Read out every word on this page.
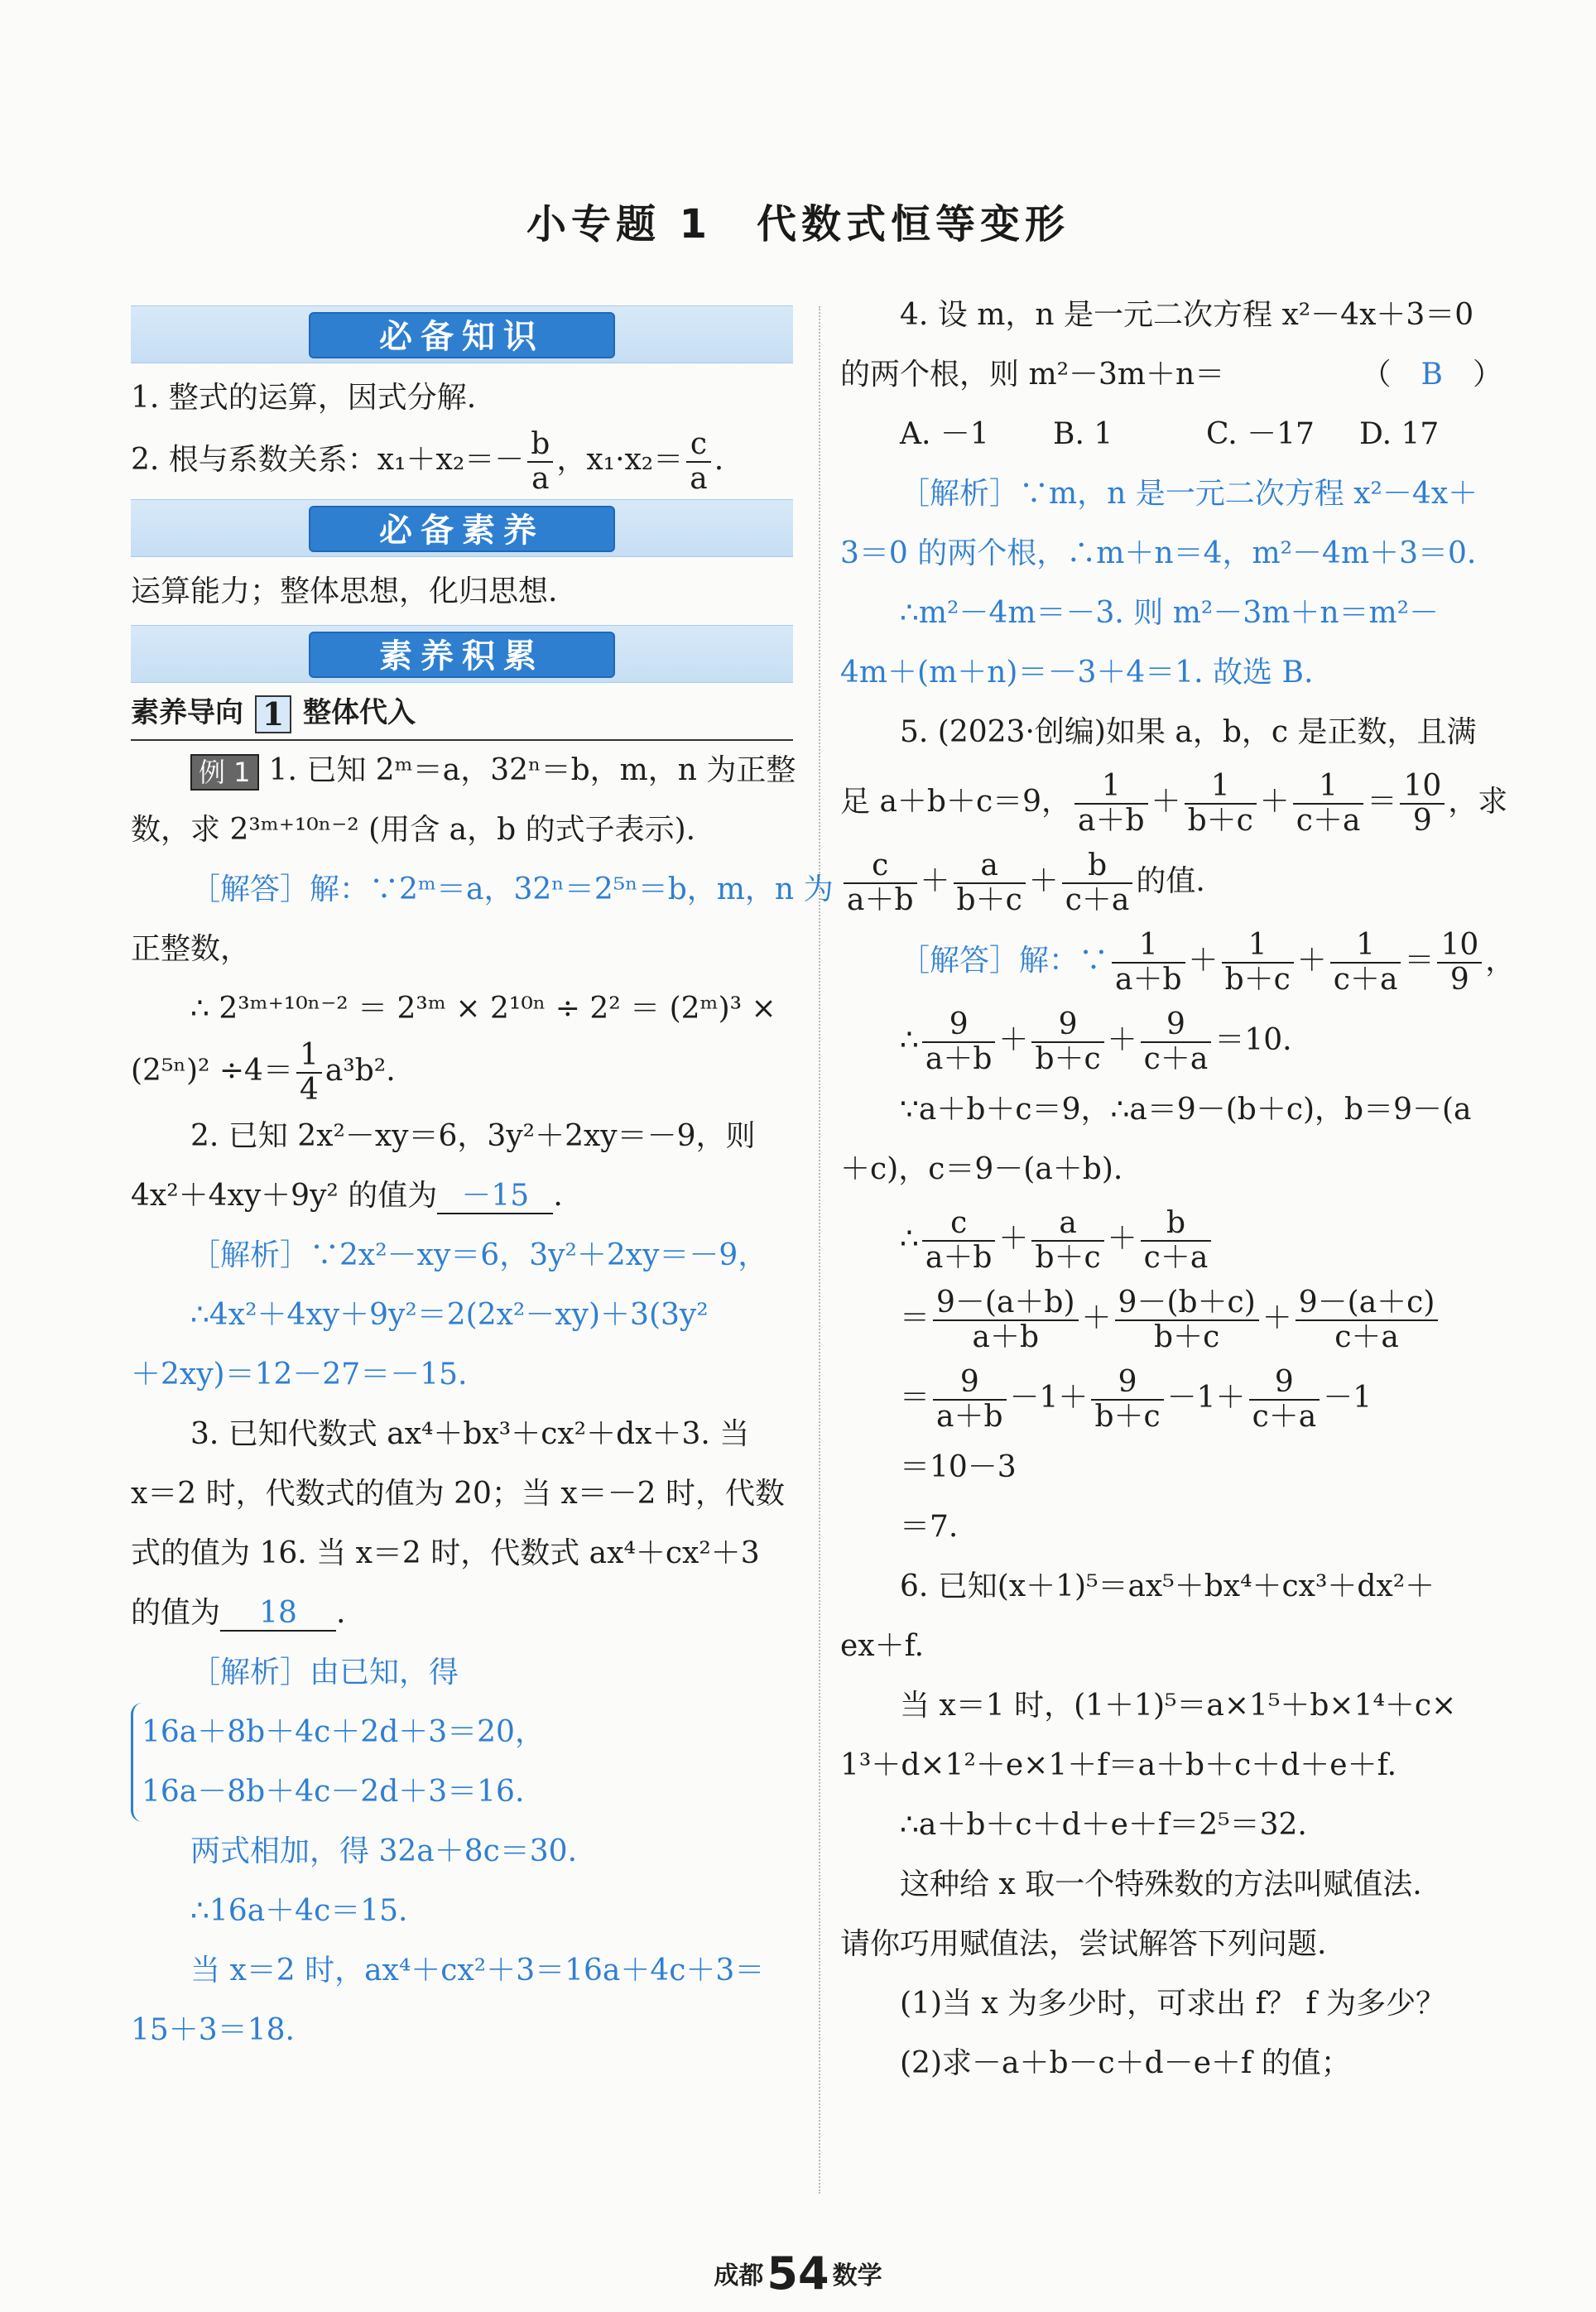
小专题 1　代数式恒等变形
必备知识
1. 整式的运算，因式分解.
2. 根与系数关系：$x_1+x_2=- \frac{b}{a}$ ，$x_1\cdot x_2= \frac{c}{a}$ .
必备素养
运算能力；整体思想，化归思想.
素养积累
素养导向 1 整体代入
例 1 1. 已知 2ᵐ＝a，32ⁿ＝b，m，n 为正整
数，求 2³ᵐ⁺¹⁰ⁿ⁻² (用含 a，b 的式子表示).
［解答］解：∵2ᵐ＝a，32ⁿ＝2⁵ⁿ＝b，m，n 为
正整数，
∴ 2³ᵐ⁺¹⁰ⁿ⁻² ＝ 2³ᵐ × 2¹⁰ⁿ ÷ 2² ＝ (2ᵐ)³ ×
$(2^{5n})^2 \div 4= \frac{1}{4} a^3b^2$.
2. 已知 2x²－xy＝6，3y²＋2xy＝－9，则
4x²＋4xy＋9y² 的值为 －15 .
［解析］∵2x²－xy＝6，3y²＋2xy＝－9，
∴4x²＋4xy＋9y²＝2(2x²－xy)＋3(3y²
＋2xy)＝12－27＝－15.
3. 已知代数式 ax⁴＋bx³＋cx²＋dx＋3. 当
x＝2 时，代数式的值为 20；当 x＝－2 时，代数
式的值为 16. 当 x＝2 时，代数式 ax⁴＋cx²＋3
的值为 18 .
［解析］由已知，得
16a＋8b＋4c＋2d＋3＝20，
16a－8b＋4c－2d＋3＝16.
两式相加，得 32a＋8c＝30.
∴16a＋4c＝15.
当 x＝2 时，ax⁴＋cx²＋3＝16a＋4c＋3＝
15＋3＝18.
4. 设 m，n 是一元二次方程 x²－4x＋3＝0
的两个根，则 m²－3m＋n＝	（　B　）
A. －1 B. 1	C. －17 D. 17
［解析］∵m，n 是一元二次方程 x²－4x＋
3＝0 的两个根，∴m＋n＝4，m²－4m＋3＝0.
∴m²－4m＝－3. 则 m²－3m＋n＝m²－
4m＋(m＋n)＝－3＋4＝1. 故选 B.
5. (2023·创编)如果 a，b，c 是正数，且满
足 a＋b＋c＝9， $\frac{1}{a+b} + \frac{1}{b+c} + \frac{1}{c+a} = \frac{10}{9}$ ，求
$\frac{c}{a+b} + \frac{a}{b+c} + \frac{b}{c+a}$ 的值.
［解答］解：∵ $\frac{1}{a+b} + \frac{1}{b+c} + \frac{1}{c+a} = \frac{10}{9}$ ，
∴ $\frac{9}{a+b} + \frac{9}{b+c} + \frac{9}{c+a} =10$.
∵a＋b＋c＝9，∴a＝9－(b＋c)，b＝9－(a
＋c)，c＝9－(a＋b).
∴ $\frac{c}{a+b} + \frac{a}{b+c} + \frac{b}{c+a}$
＝ $\frac{9-(a+b)}{a+b} + \frac{9-(b+c)}{b+c} + \frac{9-(a+c)}{c+a}$
＝ $\frac{9}{a+b} -1+ \frac{9}{b+c} -1+ \frac{9}{c+a} -1$
＝10－3
＝7.
6. 已知(x＋1)⁵＝ax⁵＋bx⁴＋cx³＋dx²＋
ex＋f.
当 x＝1 时，(1＋1)⁵＝a×1⁵＋b×1⁴＋c×
1³＋d×1²＋e×1＋f＝a＋b＋c＋d＋e＋f.
∴a＋b＋c＋d＋e＋f＝2⁵＝32.
这种给 x 取一个特殊数的方法叫赋值法.
请你巧用赋值法，尝试解答下列问题.
(1)当 x 为多少时，可求出 f？ f 为多少？
(2)求－a＋b－c＋d－e＋f 的值；
成都54 数学
